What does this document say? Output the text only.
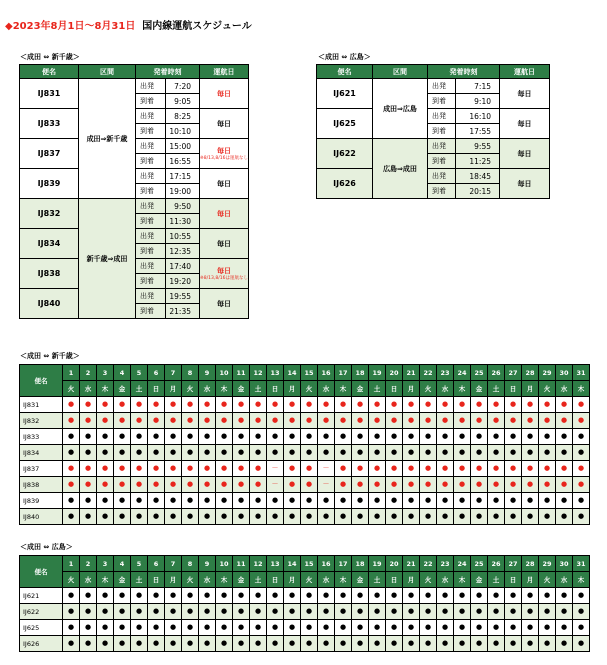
◆2023年8月1日～8月31日 国内線運航スケジュール
＜成田 ⇔ 新千歳＞	＜成田 ⇔ 広島＞
便名	区間	発着時刻		運航日
IJ831	成田⇒新千歳	出発	7:20	毎日
		到着	9:05	
IJ833		出発	8:25	毎日
		到着	10:10	
IJ837		出発	15:00	毎日
※8/13,8/16は運航なし

		到着	16:55	
IJ839		出発	17:15	毎日
		到着	19:00	
IJ832	新千歳⇒成田	出発	9:50	毎日
		到着	11:30	
IJ834		出発	10:55	毎日
		到着	12:35	
IJ838		出発	17:40	毎日
※8/13,8/16は運航なし

		到着	19:20	
IJ840		出発	19:55	毎日
		到着	21:35	
便名	区間	発着時刻		運航日
IJ621	成田⇒広島	出発	7:15	毎日
		到着	9:10	
IJ625		出発	16:10	毎日
		到着	17:55	
IJ622	広島⇒成田	出発	9:55	毎日
		到着	11:25	
IJ626		出発	18:45	毎日
		到着	20:15	
＜成田 ⇔ 新千歳＞
便名	1	2	3	4	5	6	7	8	9	10	11	12	13	14	15	16	17	18	19	20	21	22	23	24	25	26	27	28	29	30	31
	火	水	木	金	土	日	月	火	水	木	金	土	日	月	火	水	木	金	土	日	月	火	水	木	金	土	日	月	火	水	木
IJ831	●	●	●	●	●	●	●	●	●	●	●	●	●	●	●	●	●	●	●	●	●	●	●	●	●	●	●	●	●	●	●
IJ832	●	●	●	●	●	●	●	●	●	●	●	●	●	●	●	●	●	●	●	●	●	●	●	●	●	●	●	●	●	●	●
IJ833	●	●	●	●	●	●	●	●	●	●	●	●	●	●	●	●	●	●	●	●	●	●	●	●	●	●	●	●	●	●	●
IJ834	●	●	●	●	●	●	●	●	●	●	●	●	●	●	●	●	●	●	●	●	●	●	●	●	●	●	●	●	●	●	●
IJ837	●	●	●	●	●	●	●	●	●	●	●	●	－	●	●	－	●	●	●	●	●	●	●	●	●	●	●	●	●	●	●
IJ838	●	●	●	●	●	●	●	●	●	●	●	●	－	●	●	－	●	●	●	●	●	●	●	●	●	●	●	●	●	●	●
IJ839	●	●	●	●	●	●	●	●	●	●	●	●	●	●	●	●	●	●	●	●	●	●	●	●	●	●	●	●	●	●	●
IJ840	●	●	●	●	●	●	●	●	●	●	●	●	●	●	●	●	●	●	●	●	●	●	●	●	●	●	●	●	●	●	●
＜成田 ⇔ 広島＞
便名	1	2	3	4	5	6	7	8	9	10	11	12	13	14	15	16	17	18	19	20	21	22	23	24	25	26	27	28	29	30	31
	火	水	木	金	土	日	月	火	水	木	金	土	日	月	火	水	木	金	土	日	月	火	水	木	金	土	日	月	火	水	木
IJ621	●	●	●	●	●	●	●	●	●	●	●	●	●	●	●	●	●	●	●	●	●	●	●	●	●	●	●	●	●	●	●
IJ622	●	●	●	●	●	●	●	●	●	●	●	●	●	●	●	●	●	●	●	●	●	●	●	●	●	●	●	●	●	●	●
IJ625	●	●	●	●	●	●	●	●	●	●	●	●	●	●	●	●	●	●	●	●	●	●	●	●	●	●	●	●	●	●	●
IJ626	●	●	●	●	●	●	●	●	●	●	●	●	●	●	●	●	●	●	●	●	●	●	●	●	●	●	●	●	●	●	●
